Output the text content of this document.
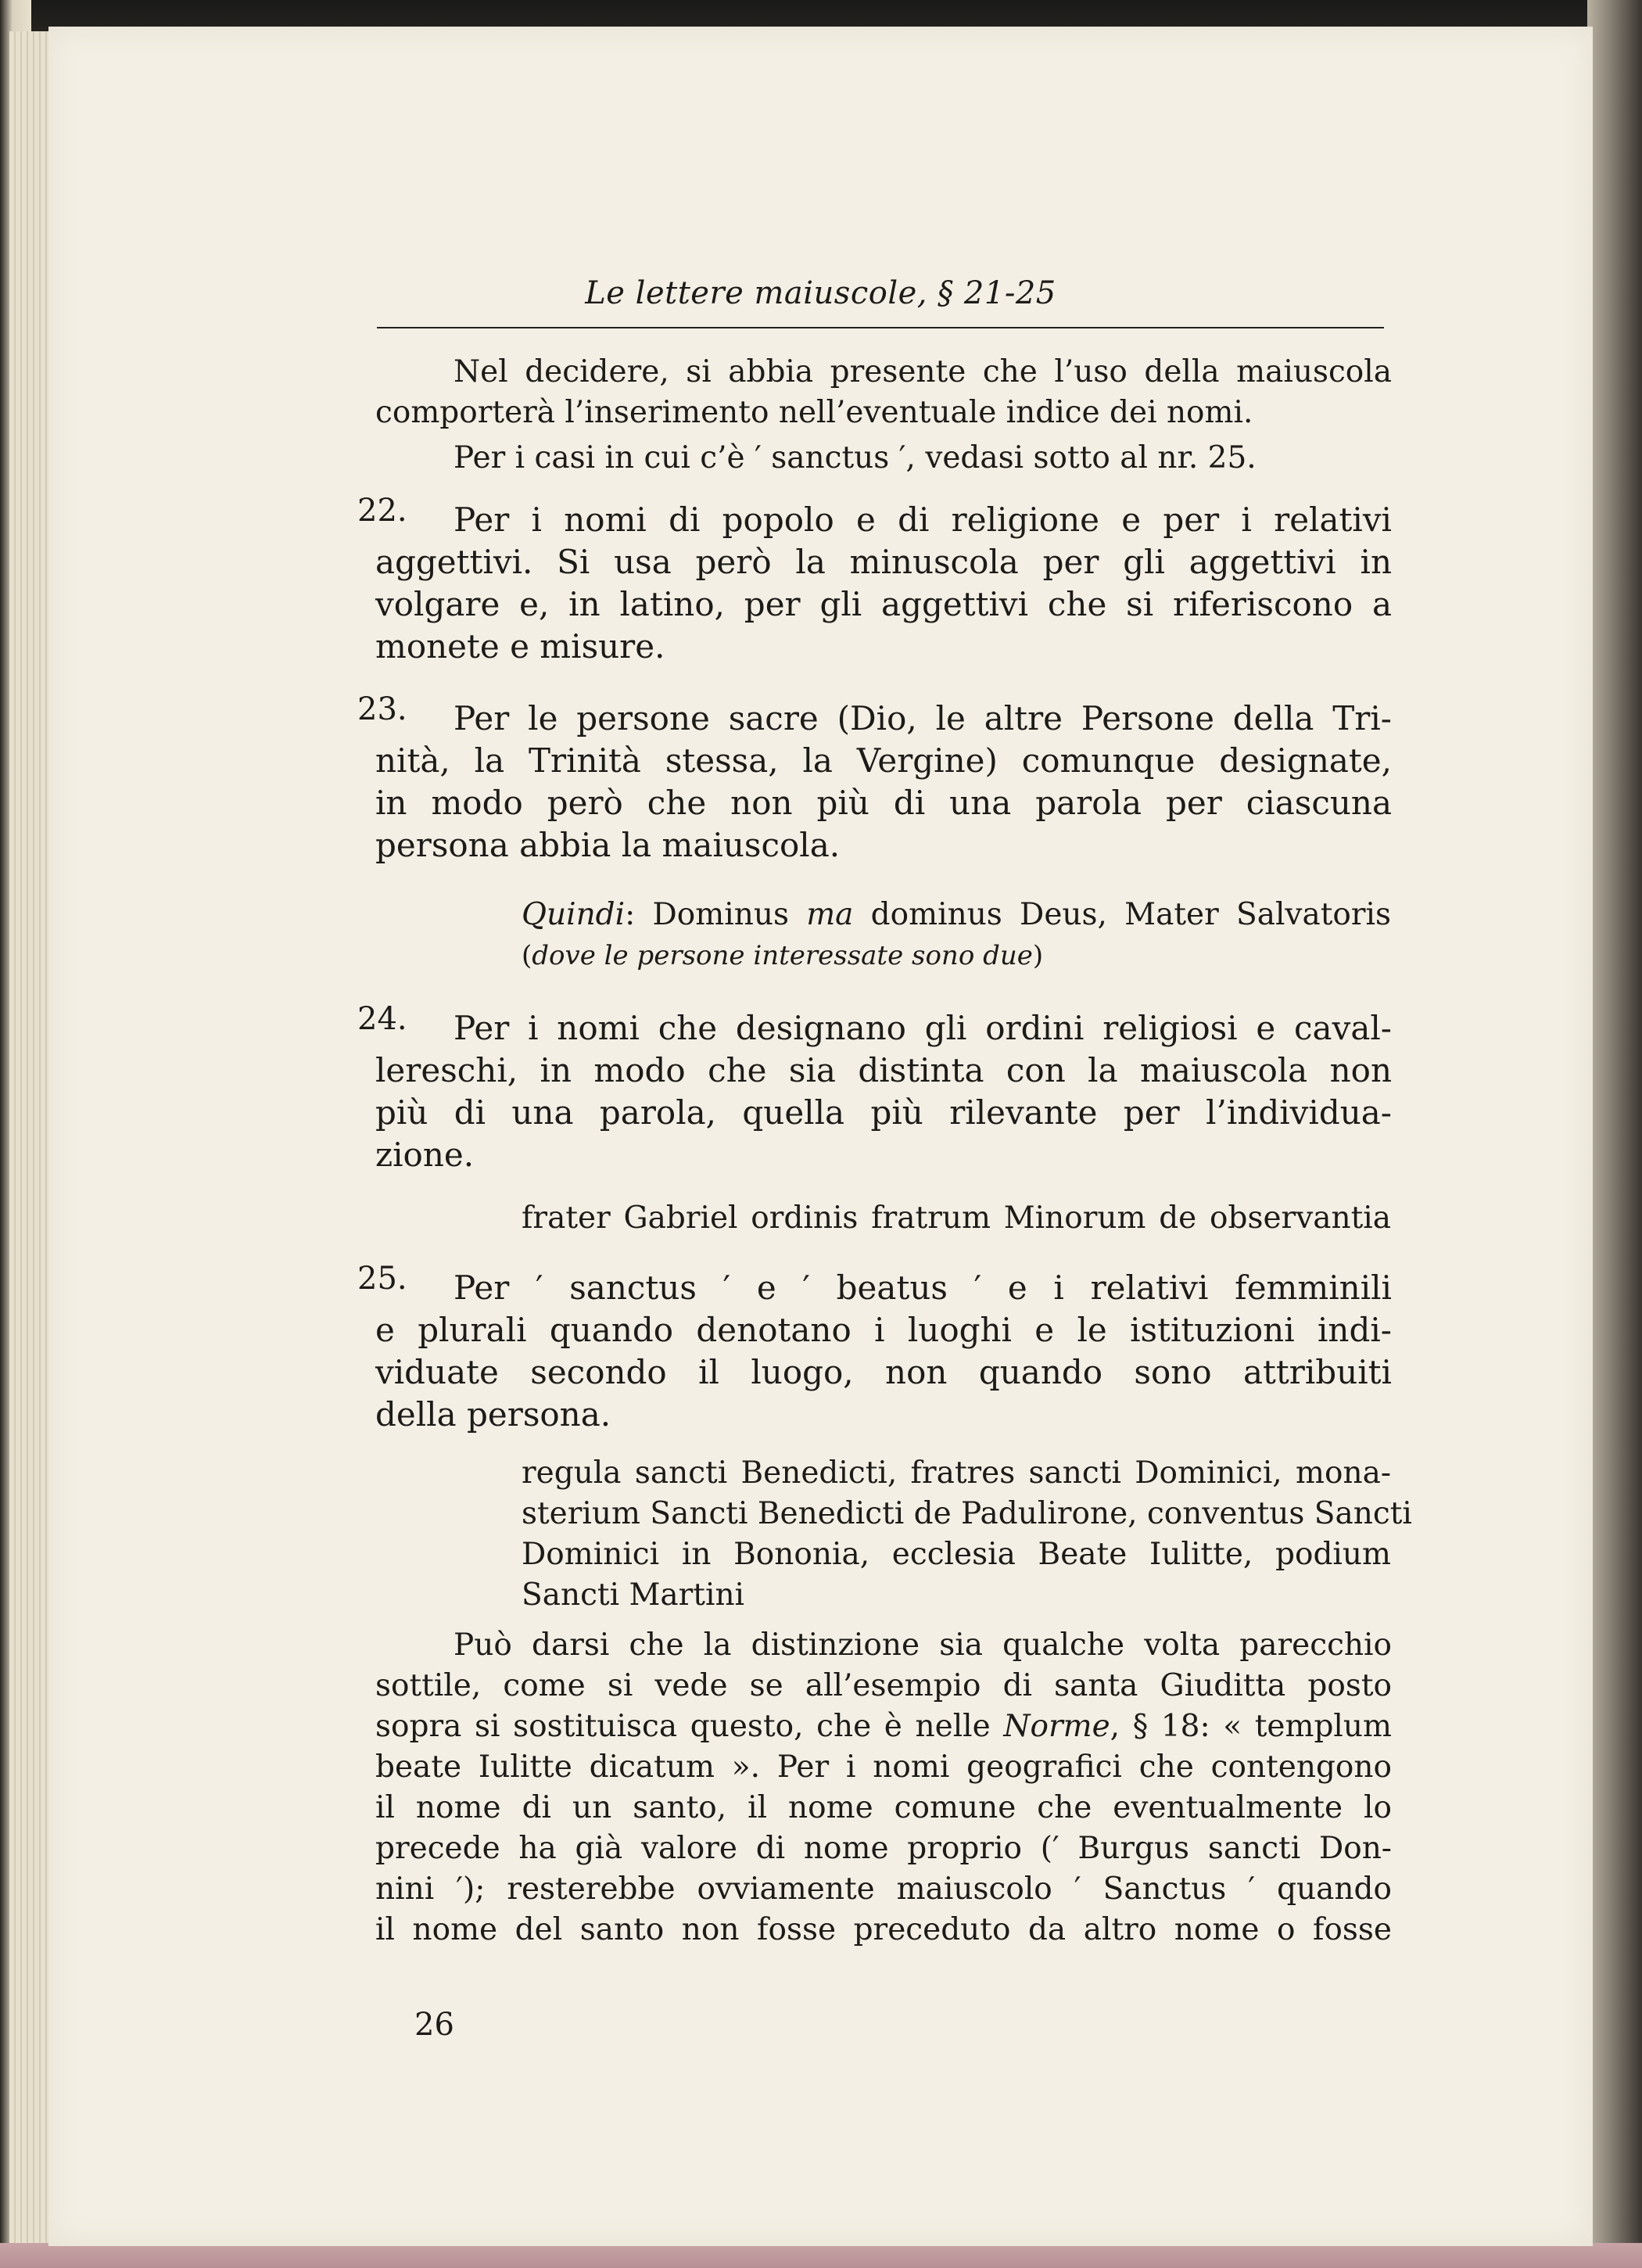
Le lettere maiuscole, § 21-25
Nel decidere, si abbia presente che l’uso della maiuscola
comporterà l’inserimento nell’eventuale indice dei nomi.
Per i casi in cui c’è ′ sanctus ′, vedasi sotto al nr. 25.
22.	Per i nomi di popolo e di religione e per i relativi
aggettivi. Si usa però la minuscola per gli aggettivi in
volgare e, in latino, per gli aggettivi che si riferiscono a
monete e misure.
23.	Per le persone sacre (Dio, le altre Persone della Tri-
nità, la Trinità stessa, la Vergine) comunque designate,
in modo però che non più di una parola per ciascuna
persona abbia la maiuscola.
Quindi: Dominus ma dominus Deus, Mater Salvatoris
(dove le persone interessate sono due)
24.	Per i nomi che designano gli ordini religiosi e caval-
lereschi, in modo che sia distinta con la maiuscola non
più di una parola, quella più rilevante per l’individua-
zione.
frater Gabriel ordinis fratrum Minorum de observantia
25.	Per ′ sanctus ′ e ′ beatus ′ e i relativi femminili
e plurali quando denotano i luoghi e le istituzioni indi-
viduate secondo il luogo, non quando sono attribuiti
della persona.
regula sancti Benedicti, fratres sancti Dominici, mona-
sterium Sancti Benedicti de Padulirone, conventus Sancti
Dominici in Bononia, ecclesia Beate Iulitte, podium
Sancti Martini
Può darsi che la distinzione sia qualche volta parecchio
sottile, come si vede se all’esempio di santa Giuditta posto
sopra si sostituisca questo, che è nelle Norme, § 18: « templum
beate Iulitte dicatum ». Per i nomi geografici che contengono
il nome di un santo, il nome comune che eventualmente lo
precede ha già valore di nome proprio (′ Burgus sancti Don-
nini ′); resterebbe ovviamente maiuscolo ′ Sanctus ′ quando
il nome del santo non fosse preceduto da altro nome o fosse
26
